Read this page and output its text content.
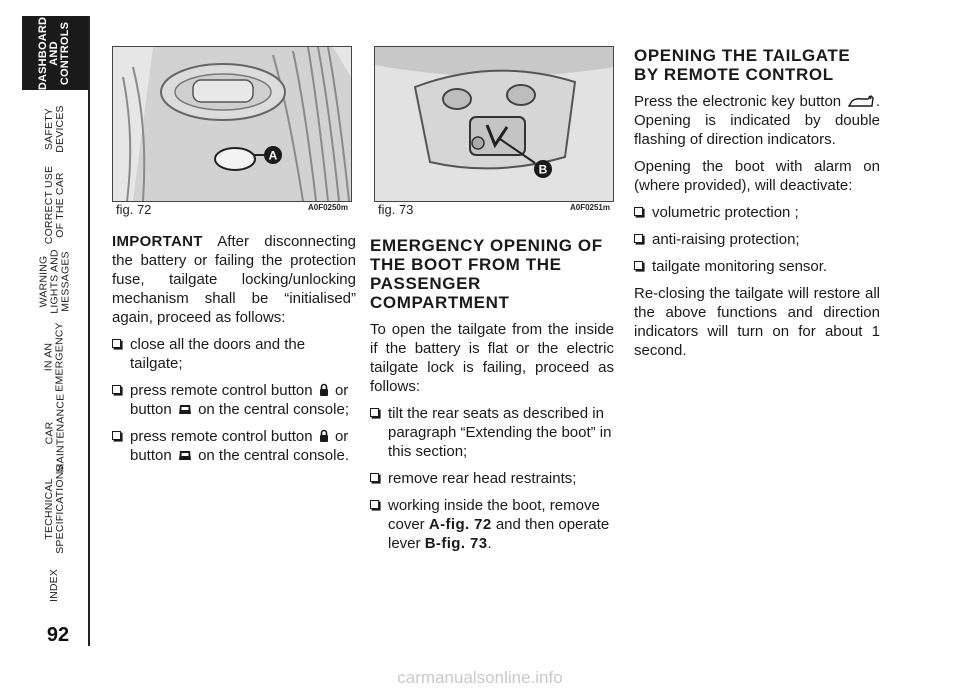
DASHBOARD
AND
CONTROLS
SAFETY
DEVICES
CORRECT USE
OF THE CAR
WARNING
LIGHTS AND
MESSAGES
IN AN
EMERGENCY
CAR
MAINTENANCE
TECHNICAL
SPECIFICATIONS
INDEX
92
A
fig. 72	A0F0250m
B
fig. 73	A0F0251m

IMPORTANT After disconnecting the battery or failing the protection fuse, tailgate locking/unlocking mechanism shall be “initialised” again, proceed as follows:

close all the doors and the tailgate;
press remote control button or button on the central console;
press remote control button or button on the central console.
EMERGENCY OPENING OF THE BOOT FROM THE PASSENGER COMPARTMENT

To open the tailgate from the inside if the battery is flat or the electric tailgate lock is failing, proceed as follows:

tilt the rear seats as described in paragraph “Extending the boot” in this section;
remove rear head restraints;
working inside the boot, remove cover A-fig. 72 and then operate lever B-fig. 73.
OPENING THE TAILGATE BY REMOTE CONTROL

Press the electronic key button . Opening is indicated by double flashing of direction indicators.

Opening the boot with alarm on (where provided), will deactivate:

volumetric protection ;
anti-raising protection;
tailgate monitoring sensor.

Re-closing the tailgate will restore all the above functions and direction indicators will turn on for about 1 second.

carmanualsonline.info
